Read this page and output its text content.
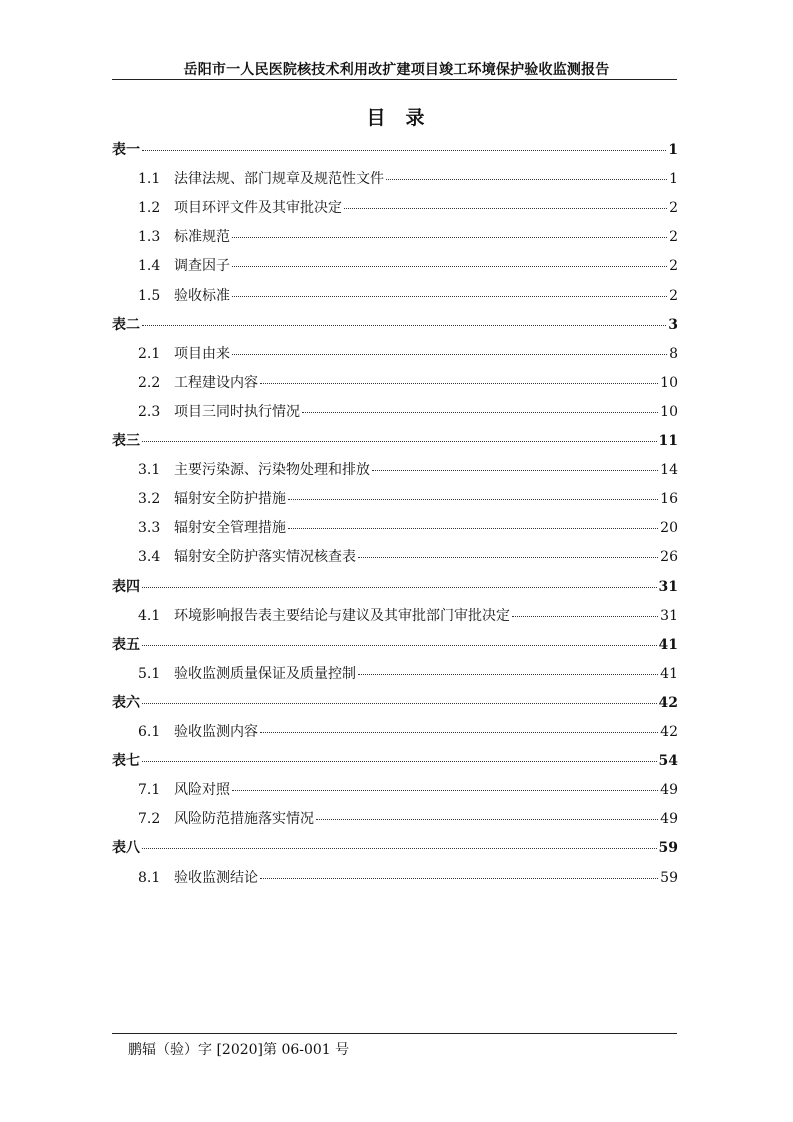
岳阳市一人民医院核技术利用改扩建项目竣工环境保护验收监测报告
目 录
表一	1
1.1 法律法规、部门规章及规范性文件	1
1.2 项目环评文件及其审批决定	2
1.3 标准规范	2
1.4 调查因子	2
1.5 验收标准	2
表二	3
2.1 项目由来	8
2.2 工程建设内容	10
2.3 项目三同时执行情况	10
表三	11
3.1 主要污染源、污染物处理和排放	14
3.2 辐射安全防护措施	16
3.3 辐射安全管理措施	20
3.4 辐射安全防护落实情况核查表	26
表四	31
4.1 环境影响报告表主要结论与建议及其审批部门审批决定	31
表五	41
5.1 验收监测质量保证及质量控制	41
表六	42
6.1 验收监测内容	42
表七	54
7.1 风险对照	49
7.2 风险防范措施落实情况	49
表八	59
8.1 验收监测结论	59
鹏辐（验）字 [2020]第 06-001 号
